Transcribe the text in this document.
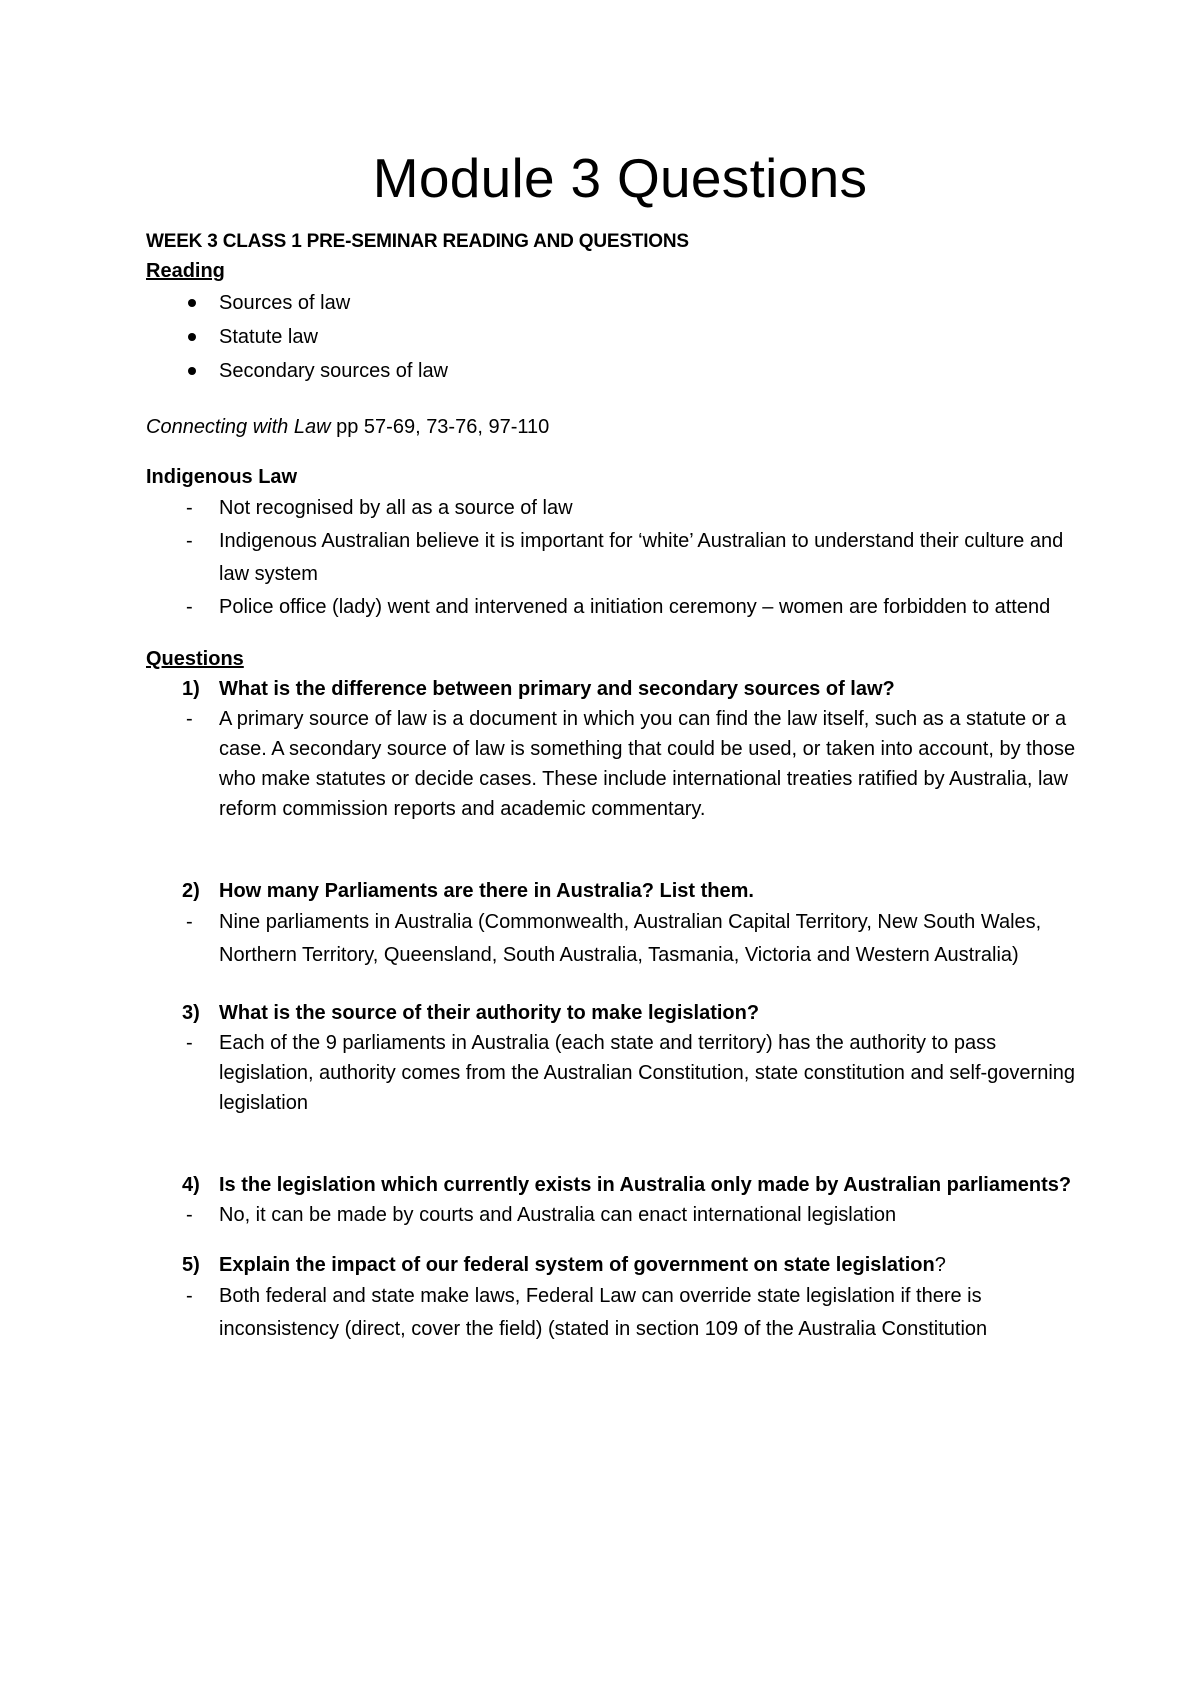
Module 3 Questions
WEEK 3 CLASS 1 PRE-SEMINAR READING AND QUESTIONS
Reading
Sources of law
Statute law
Secondary sources of law
Connecting with Law pp 57-69, 73-76, 97-110
Indigenous Law
- Not recognised by all as a source of law
- Indigenous Australian believe it is important for ‘white’ Australian to understand their culture and law system
- Police office (lady) went and intervened a initiation ceremony – women are forbidden to attend
Questions
1) What is the difference between primary and secondary sources of law?
- A primary source of law is a document in which you can find the law itself, such as a statute or a case. A secondary source of law is something that could be used, or taken into account, by those who make statutes or decide cases. These include international treaties ratified by Australia, law reform commission reports and academic commentary.
2) How many Parliaments are there in Australia? List them.
- Nine parliaments in Australia (Commonwealth, Australian Capital Territory, New South Wales, Northern Territory, Queensland, South Australia, Tasmania, Victoria and Western Australia)
3) What is the source of their authority to make legislation?
- Each of the 9 parliaments in Australia (each state and territory) has the authority to pass legislation, authority comes from the Australian Constitution, state constitution and self-governing legislation
4) Is the legislation which currently exists in Australia only made by Australian parliaments?
- No, it can be made by courts and Australia can enact international legislation
5) Explain the impact of our federal system of government on state legislation?
- Both federal and state make laws, Federal Law can override state legislation if there is inconsistency (direct, cover the field) (stated in section 109 of the Australia Constitution
